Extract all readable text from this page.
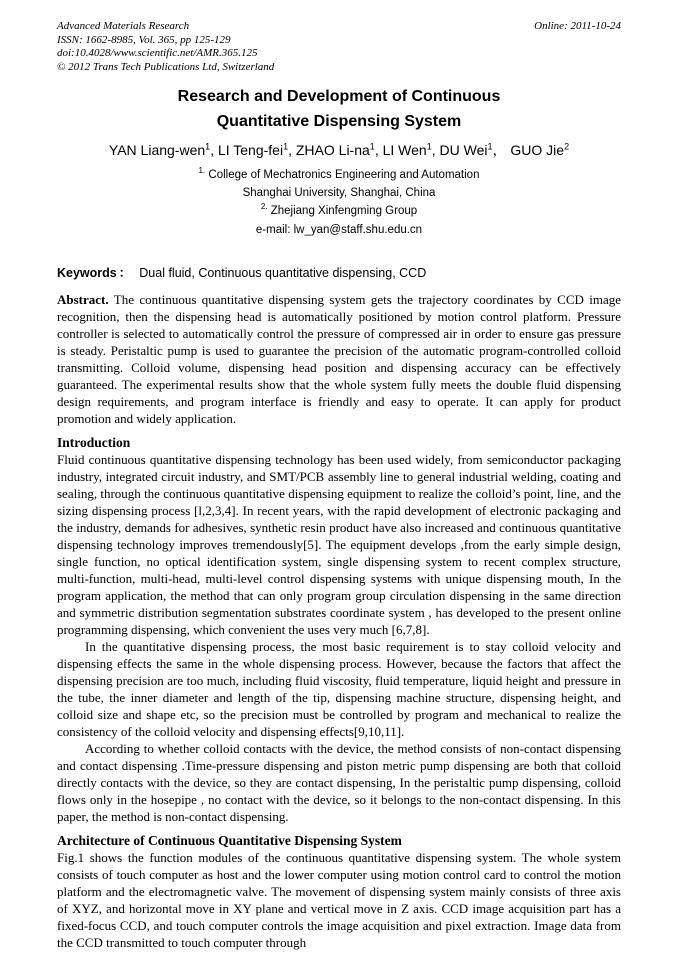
Advanced Materials Research
ISSN: 1662-8985, Vol. 365, pp 125-129
doi:10.4028/www.scientific.net/AMR.365.125
© 2012 Trans Tech Publications Ltd, Switzerland
Online: 2011-10-24
Research and Development of Continuous
Quantitative Dispensing System
YAN Liang-wen$^1$, LI Teng-fei$^1$, ZHAO $Li-na^1$, LI Wen$^1$, DU Wei$^1$， GUO Jie$^2$
$^{1.}$ College of Mechatronics Engineering and Automation
Shanghai University, Shanghai, China
$^{2.}$ Zhejiang Xinfengming Group
e-mail: lw_yan@staff.shu.edu.cn
Keywords ： Dual fluid, Continuous quantitative dispensing, CCD

Abstract. The continuous quantitative dispensing system gets the trajectory coordinates by CCD image recognition, then the dispensing head is automatically positioned by motion control platform. Pressure controller is selected to automatically control the pressure of compressed air in order to ensure gas pressure is steady. Peristaltic pump is used to guarantee the precision of the automatic program-controlled colloid transmitting. Colloid volume, dispensing head position and dispensing accuracy can be effectively guaranteed. The experimental results show that the whole system fully meets the double fluid dispensing design requirements, and program interface is friendly and easy to operate. It can apply for product promotion and widely application.

Introduction

Fluid continuous quantitative dispensing technology has been used widely, from semiconductor packaging industry, integrated circuit industry, and SMT/PCB assembly line to general industrial welding, coating and sealing, through the continuous quantitative dispensing equipment to realize the colloid’s point, line, and the sizing dispensing process [l,2,3,4]. In recent years, with the rapid development of electronic packaging and the industry, demands for adhesives, synthetic resin product have also increased and continuous quantitative dispensing technology improves tremendously[5]. The equipment develops ,from the early simple design, single function, no optical identification system, single dispensing system to recent complex structure, multi-function, multi-head, multi-level control dispensing systems with unique dispensing mouth, In the program application, the method that can only program group circulation dispensing in the same direction and symmetric distribution segmentation substrates coordinate system , has developed to the present online programming dispensing, which convenient the uses very much [6,7,8].

In the quantitative dispensing process, the most basic requirement is to stay colloid velocity and dispensing effects the same in the whole dispensing process. However, because the factors that affect the dispensing precision are too much, including fluid viscosity, fluid temperature, liquid height and pressure in the tube, the inner diameter and length of the tip, dispensing machine structure, dispensing height, and colloid size and shape etc, so the precision must be controlled by program and mechanical to realize the consistency of the colloid velocity and dispensing effects[9,10,11].

According to whether colloid contacts with the device, the method consists of non-contact dispensing and contact dispensing .Time-pressure dispensing and piston metric pump dispensing are both that colloid directly contacts with the device, so they are contact dispensing, In the peristaltic pump dispensing, colloid flows only in the hosepipe , no contact with the device, so it belongs to the non-contact dispensing. In this paper, the method is non-contact dispensing.

Architecture of Continuous Quantitative Dispensing System

Fig.1 shows the function modules of the continuous quantitative dispensing system. The whole system consists of touch computer as host and the lower computer using motion control card to control the motion platform and the electromagnetic valve. The movement of dispensing system mainly consists of three axis of XYZ, and horizontal move in XY plane and vertical move in Z axis. CCD image acquisition part has a fixed-focus CCD, and touch computer controls the image acquisition and pixel extraction. Image data from the CCD transmitted to touch computer through
